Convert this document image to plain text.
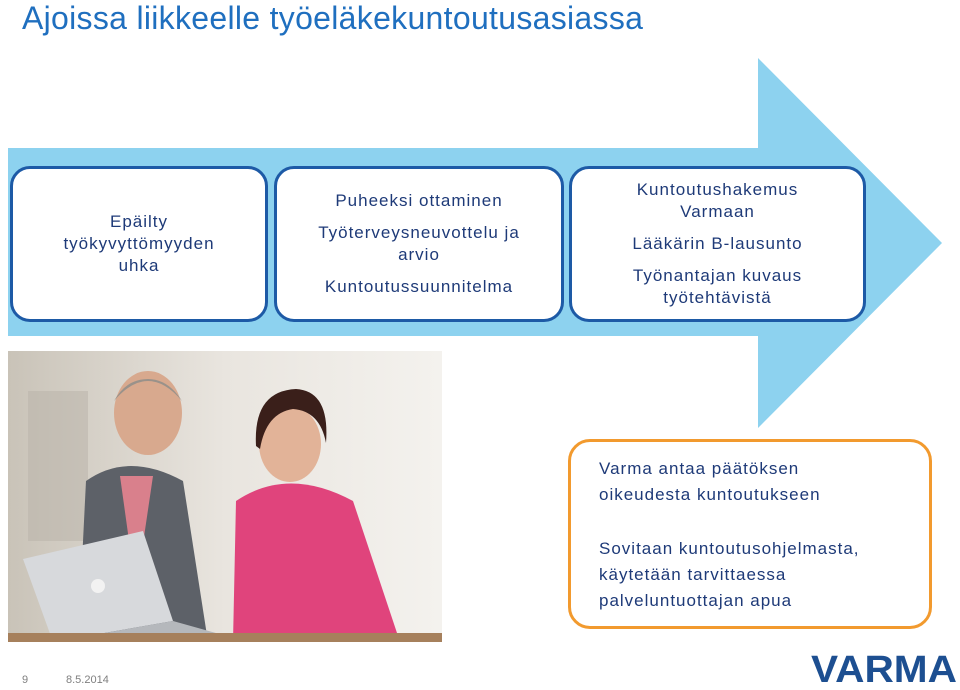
Ajoissa liikkeelle työeläkekuntoutusasiassa
Epäilty
työkyvyttömyyden
uhka
Puheeksi ottaminen
Työterveysneuvottelu ja
arvio
Kuntoutussuunnitelma
Kuntoutushakemus
Varmaan
Lääkärin B-lausunto
Työnantajan kuvaus
työtehtävistä
Varma antaa päätöksen
oikeudesta kuntoutukseen
Sovitaan kuntoutusohjelmasta,
käytetään tarvittaessa
palveluntuottajan apua
9	8.5.2014	VARMA
